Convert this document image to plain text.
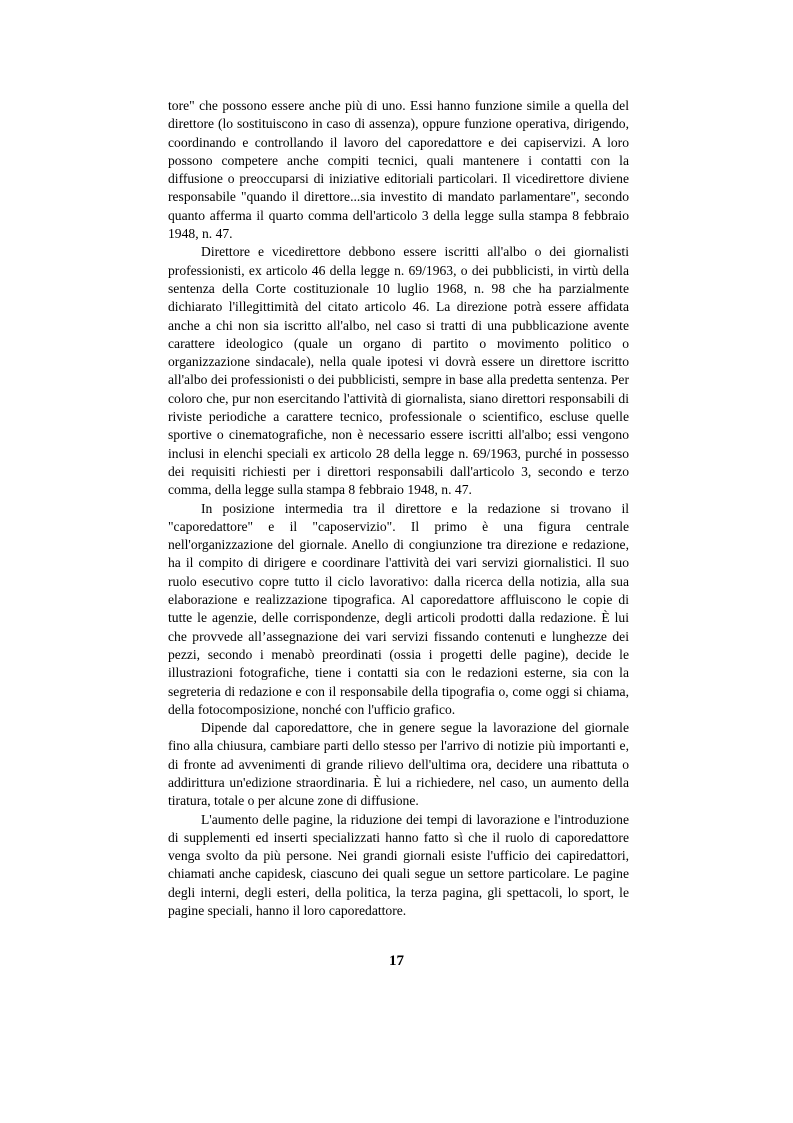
tore" che possono essere anche più di uno. Essi hanno funzione simile a quella del direttore (lo sostituiscono in caso di assenza), oppure funzione operativa, dirigendo, coordinando e controllando il lavoro del caporedattore e dei capiservizi. A loro possono competere anche compiti tecnici, quali mantenere i contatti con la diffusione o preoccuparsi di iniziative editoriali particolari. Il vicedirettore diviene responsabile "quando il direttore...sia investito di mandato parlamentare", secondo quanto afferma il quarto comma dell'articolo 3 della legge sulla stampa 8 febbraio 1948, n. 47.

Direttore e vicedirettore debbono essere iscritti all'albo o dei giornalisti professionisti, ex articolo 46 della legge n. 69/1963, o dei pubblicisti, in virtù della sentenza della Corte costituzionale 10 luglio 1968, n. 98 che ha parzialmente dichiarato l'illegittimità del citato articolo 46. La direzione potrà essere affidata anche a chi non sia iscritto all'albo, nel caso si tratti di una pubblicazione avente carattere ideologico (quale un organo di partito o movimento politico o organizzazione sindacale), nella quale ipotesi vi dovrà essere un direttore iscritto all'albo dei professionisti o dei pubblicisti, sempre in base alla predetta sentenza. Per coloro che, pur non esercitando l'attività di giornalista, siano direttori responsabili di riviste periodiche a carattere tecnico, professionale o scientifico, escluse quelle sportive o cinematografiche, non è necessario essere iscritti all'albo; essi vengono inclusi in elenchi speciali ex articolo 28 della legge n. 69/1963, purché in possesso dei requisiti richiesti per i direttori responsabili dall'articolo 3, secondo e terzo comma, della legge sulla stampa 8 febbraio 1948, n. 47.

In posizione intermedia tra il direttore e la redazione si trovano il "caporedattore" e il "caposervizio". Il primo è una figura centrale nell'organizzazione del giornale. Anello di congiunzione tra direzione e redazione, ha il compito di dirigere e coordinare l'attività dei vari servizi giornalistici. Il suo ruolo esecutivo copre tutto il ciclo lavorativo: dalla ricerca della notizia, alla sua elaborazione e realizzazione tipografica. Al caporedattore affluiscono le copie di tutte le agenzie, delle corrispondenze, degli articoli prodotti dalla redazione. È lui che provvede all’assegnazione dei vari servizi fissando contenuti e lunghezze dei pezzi, secondo i menabò preordinati (ossia i progetti delle pagine), decide le illustrazioni fotografiche, tiene i contatti sia con le redazioni esterne, sia con la segreteria di redazione e con il responsabile della tipografia o, come oggi si chiama, della fotocomposizione, nonché con l'ufficio grafico.

Dipende dal caporedattore, che in genere segue la lavorazione del giornale fino alla chiusura, cambiare parti dello stesso per l'arrivo di notizie più importanti e, di fronte ad avvenimenti di grande rilievo dell'ultima ora, decidere una ribattuta o addirittura un'edizione straordinaria. È lui a richiedere, nel caso, un aumento della tiratura, totale o per alcune zone di diffusione.

L'aumento delle pagine, la riduzione dei tempi di lavorazione e l'introduzione di supplementi ed inserti specializzati hanno fatto sì che il ruolo di caporedattore venga svolto da più persone. Nei grandi giornali esiste l'ufficio dei capiredattori, chiamati anche capidesk, ciascuno dei quali segue un settore particolare. Le pagine degli interni, degli esteri, della politica, la terza pagina, gli spettacoli, lo sport, le pagine speciali, hanno il loro caporedattore.

17
